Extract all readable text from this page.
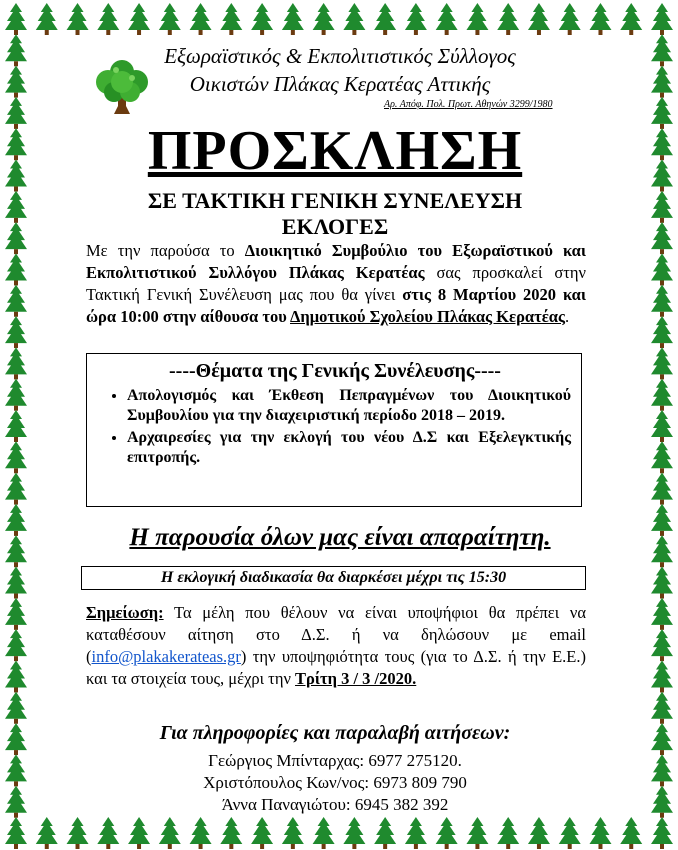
Εξωραϊστικός & Εκπολιτιστικός Σύλλογος
Οικιστών Πλάκας Κερατέας Αττικής
Αρ. Απόφ. Πολ. Πρωτ. Αθηνών 3299/1980
ΠΡΟΣΚΛΗΣΗ
ΣΕ ΤΑΚΤΙΚΗ ΓΕΝΙΚΗ ΣΥΝΕΛΕΥΣΗ
ΕΚΛΟΓΕΣ
Με την παρούσα το Διοικητικό Συμβούλιο του Εξωραϊστικού και Εκπολιτιστικού Συλλόγου Πλάκας Κερατέας σας προσκαλεί στην Τακτική Γενική Συνέλευση μας που θα γίνει στις 8 Μαρτίου 2020 και ώρα 10:00 στην αίθουσα του Δημοτικού Σχολείου Πλάκας Κερατέας.
----Θέματα της Γενικής Συνέλευσης----
• Απολογισμός και Έκθεση Πεπραγμένων του Διοικητικού Συμβουλίου για την διαχειριστική περίοδο 2018 – 2019.
• Αρχαιρεσίες για την εκλογή του νέου Δ.Σ και Εξελεγκτικής επιτροπής.
Η παρουσία όλων μας είναι απαραίτητη.
Η εκλογική διαδικασία θα διαρκέσει μέχρι τις 15:30
Σημείωση: Τα μέλη που θέλουν να είναι υποψήφιοι θα πρέπει να καταθέσουν αίτηση στο Δ.Σ. ή να δηλώσουν με email (info@plakakerateas.gr) την υποψηφιότητα τους (για το Δ.Σ. ή την Ε.Ε.) και τα στοιχεία τους, μέχρι την Τρίτη 3 / 3 /2020.
Για πληροφορίες και παραλαβή αιτήσεων:
Γεώργιος Μπίνταρχας: 6977 275120.
Χριστόπουλος Κων/νος: 6973 809 790
Άννα Παναγιώτου: 6945 382 392
